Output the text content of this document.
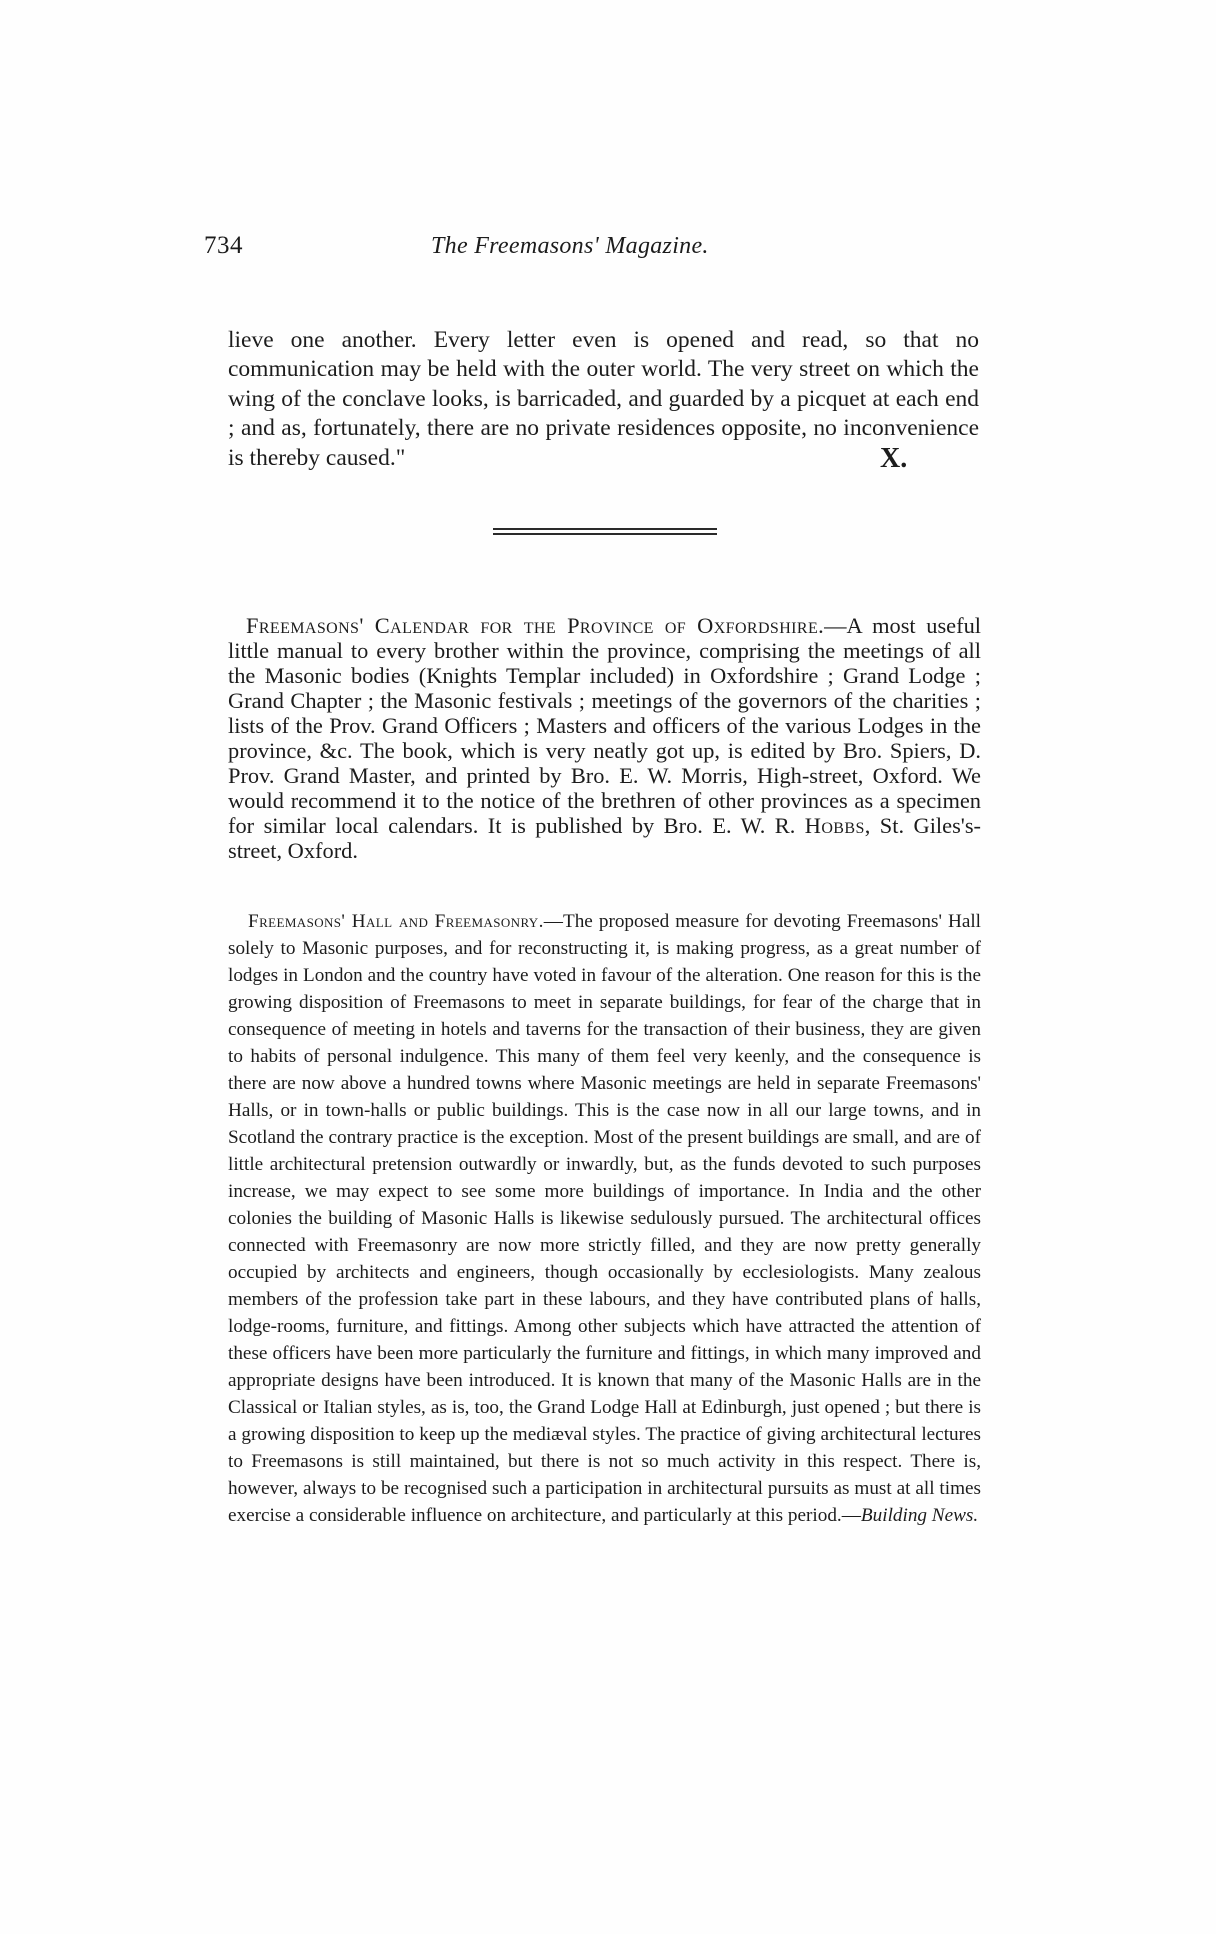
734	The Freemasons' Magazine.

lieve one another. Every letter even is opened and read, so that no communication may be held with the outer world. The very street on which the wing of the conclave looks, is barricaded, and guarded by a picquet at each end ; and as, fortunately, there are no private residences opposite, no inconvenience is thereby caused."	X.

Freemasons' Calendar for the Province of Oxfordshire.—A most useful little manual to every brother within the province, comprising the meetings of all the Masonic bodies (Knights Templar included) in Oxfordshire ; Grand Lodge ; Grand Chapter ; the Masonic festivals ; meetings of the governors of the charities ; lists of the Prov. Grand Officers ; Masters and officers of the various Lodges in the province, &c. The book, which is very neatly got up, is edited by Bro. Spiers, D. Prov. Grand Master, and printed by Bro. E. W. Morris, High-street, Oxford. We would recommend it to the notice of the brethren of other provinces as a specimen for similar local calendars. It is published by Bro. E. W. R. Hobbs, St. Giles's-street, Oxford.

Freemasons' Hall and Freemasonry.—The proposed measure for devoting Freemasons' Hall solely to Masonic purposes, and for reconstructing it, is making progress, as a great number of lodges in London and the country have voted in favour of the alteration. One reason for this is the growing disposition of Freemasons to meet in separate buildings, for fear of the charge that in consequence of meeting in hotels and taverns for the transaction of their business, they are given to habits of personal indulgence. This many of them feel very keenly, and the consequence is there are now above a hundred towns where Masonic meetings are held in separate Freemasons' Halls, or in town-halls or public buildings. This is the case now in all our large towns, and in Scotland the contrary practice is the exception. Most of the present buildings are small, and are of little architectural pretension outwardly or inwardly, but, as the funds devoted to such purposes increase, we may expect to see some more buildings of importance. In India and the other colonies the building of Masonic Halls is likewise sedulously pursued. The architectural offices connected with Freemasonry are now more strictly filled, and they are now pretty generally occupied by architects and engineers, though occasionally by ecclesiologists. Many zealous members of the profession take part in these labours, and they have contributed plans of halls, lodge-rooms, furniture, and fittings. Among other subjects which have attracted the attention of these officers have been more particularly the furniture and fittings, in which many improved and appropriate designs have been introduced. It is known that many of the Masonic Halls are in the Classical or Italian styles, as is, too, the Grand Lodge Hall at Edinburgh, just opened ; but there is a growing disposition to keep up the mediæval styles. The practice of giving architectural lectures to Freemasons is still maintained, but there is not so much activity in this respect. There is, however, always to be recognised such a participation in architectural pursuits as must at all times exercise a considerable influence on architecture, and particularly at this period.—Building News.
